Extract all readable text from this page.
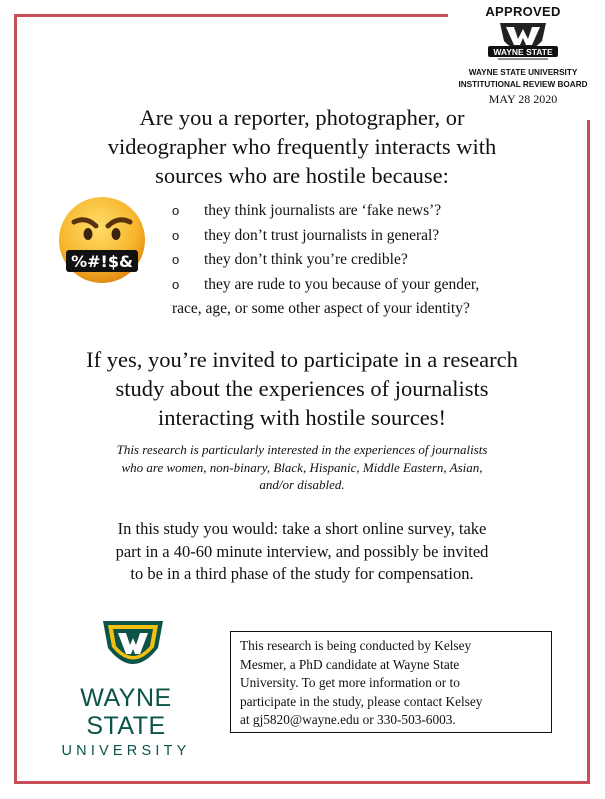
APPROVED
WAYNE STATE
WAYNE STATE UNIVERSITY
INSTITUTIONAL REVIEW BOARD
MAY 28 2020
Are you a reporter, photographer, or
videographer who frequently interacts with
sources who are hostile because:
%#!$&
o	they think journalists are ‘fake news’?
o	they don’t trust journalists in general?
o	they don’t think you’re credible?
o	they are rude to you because of your gender,
race, age, or some other aspect of your identity?
If yes, you’re invited to participate in a research
study about the experiences of journalists
interacting with hostile sources!
This research is particularly interested in the experiences of journalists
who are women, non-binary, Black, Hispanic, Middle Eastern, Asian,
and/or disabled.
In this study you would: take a short online survey, take
part in a 40-60 minute interview, and possibly be invited
to be in a third phase of the study for compensation.
WAYNE STATE
UNIVERSITY
This research is being conducted by Kelsey
Mesmer, a PhD candidate at Wayne State
University. To get more information or to
participate in the study, please contact Kelsey
at gj5820@wayne.edu or 330-503-6003.
